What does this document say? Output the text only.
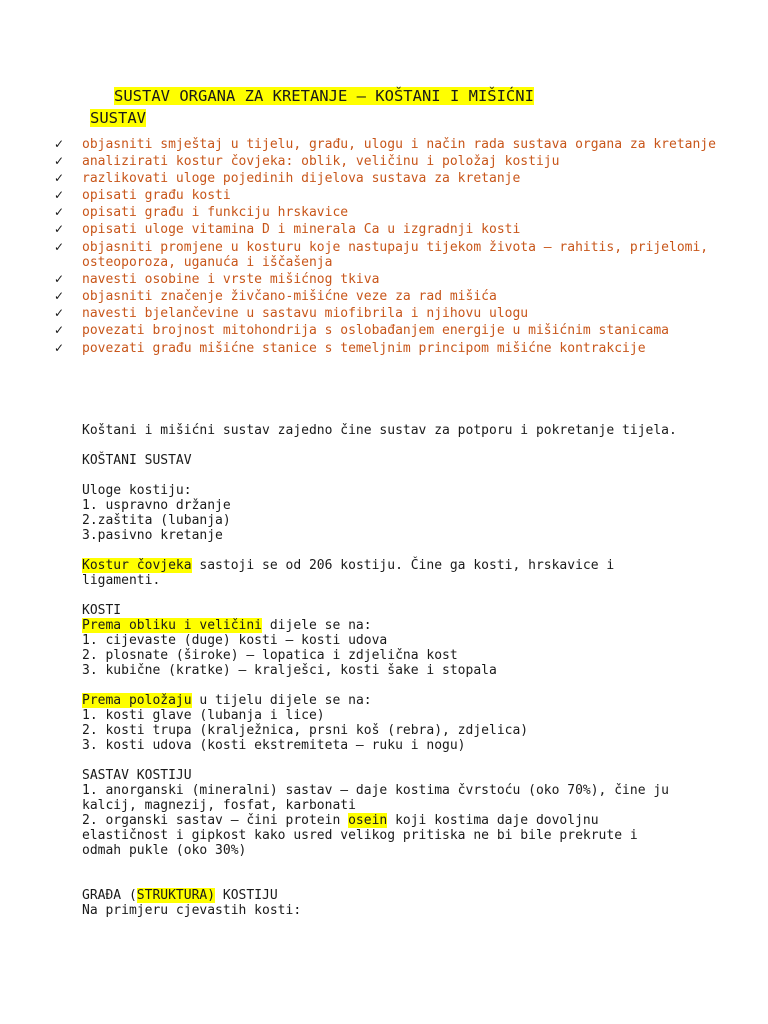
SUSTAV ORGANA ZA KRETANJE – KOŠTANI I MIŠIĆNI
SUSTAV
✓ objasniti smještaj u tijelu, građu, ulogu i način rada sustava organa za kretanje
✓ analizirati kostur čovjeka: oblik, veličinu i položaj kostiju
✓ razlikovati uloge pojedinih dijelova sustava za kretanje
✓ opisati građu kosti
✓ opisati građu i funkciju hrskavice
✓ opisati uloge vitamina D i minerala Ca u izgradnji kosti
✓ objasniti promjene u kosturu koje nastupaju tijekom života – rahitis, prijelomi, osteoporoza, uganuća i iščašenja
✓ navesti osobine i vrste mišićnog tkiva
✓ objasniti značenje živčano-mišićne veze za rad mišića
✓ navesti bjelančevine u sastavu miofibrila i njihovu ulogu
✓ povezati brojnost mitohondrija s oslobađanjem energije u mišićnim stanicama
✓ povezati građu mišićne stanice s temeljnim principom mišićne kontrakcije

Koštani i mišićni sustav zajedno čine sustav za potporu i pokretanje tijela.

KOŠTANI SUSTAV

Uloge kostiju:

1. uspravno držanje

2.zaštita (lubanja)

3.pasivno kretanje

Kostur čovjeka sastoji se od 206 kostiju. Čine ga kosti, hrskavice i

ligamenti.

KOSTI

Prema obliku i veličini dijele se na:

1. cijevaste (duge) kosti – kosti udova

2. plosnate (široke) – lopatica i zdjelična kost

3. kubične (kratke) – kralješci, kosti šake i stopala

Prema položaju u tijelu dijele se na:

1. kosti glave (lubanja i lice)

2. kosti trupa (kralježnica, prsni koš (rebra), zdjelica)

3. kosti udova (kosti ekstremiteta – ruku i nogu)

SASTAV KOSTIJU

1. anorganski (mineralni) sastav – daje kostima čvrstoću (oko 70%), čine ju

kalcij, magnezij, fosfat, karbonati

2. organski sastav – čini protein osein koji kostima daje dovoljnu

elastičnost i gipkost kako usred velikog pritiska ne bi bile prekrute i

odmah pukle (oko 30%)

GRAĐA (STRUKTURA) KOSTIJU

Na primjeru cjevastih kosti:
